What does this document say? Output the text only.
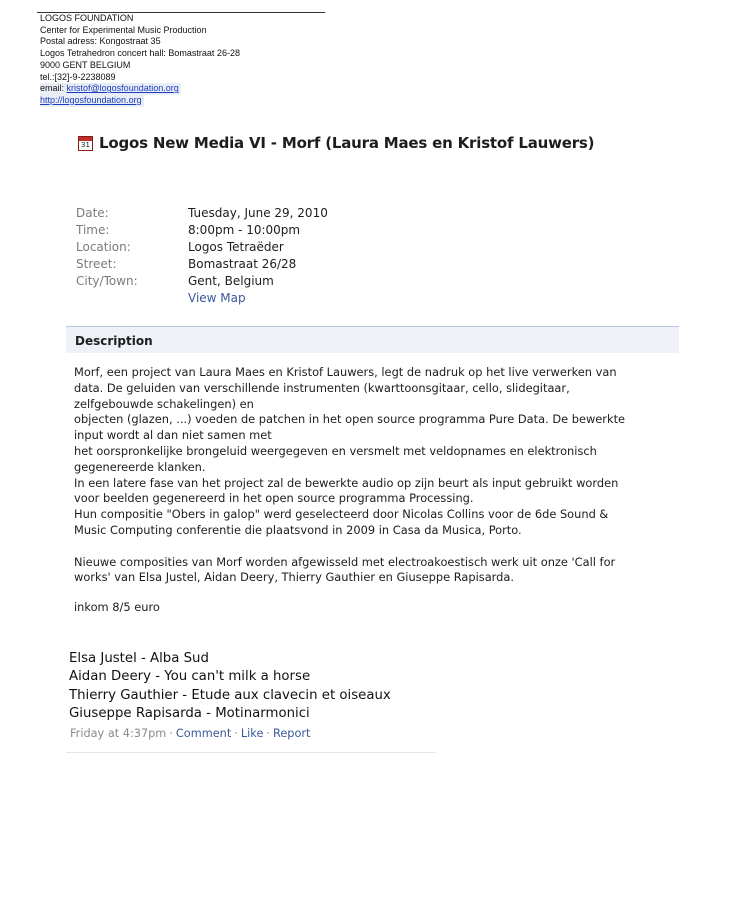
LOGOS FOUNDATION
Center for Experimental Music Production
Postal adress: Kongostraat 35
Logos Tetrahedron concert hall: Bomastraat 26-28
9000 GENT BELGIUM
tel.:[32]-9-2238089
email: kristof@logosfoundation.org
http://logosfoundation.org
31 Logos New Media VI - Morf (Laura Maes en Kristof Lauwers)
Date:	Tuesday, June 29, 2010
Time:	8:00pm - 10:00pm
Location:	Logos Tetraëder
Street:	Bomastraat 26/28
City/Town:	Gent, Belgium
View Map
Description
Morf, een project van Laura Maes en Kristof Lauwers, legt de nadruk op het live verwerken van
data. De geluiden van verschillende instrumenten (kwarttoonsgitaar, cello, slidegitaar,
zelfgebouwde schakelingen) en
objecten (glazen, ...) voeden de patchen in het open source programma Pure Data. De bewerkte
input wordt al dan niet samen met
het oorspronkelijke brongeluid weergegeven en versmelt met veldopnames en elektronisch
gegenereerde klanken.
In een latere fase van het project zal de bewerkte audio op zijn beurt als input gebruikt worden
voor beelden gegenereerd in het open source programma Processing.
Hun compositie "Obers in galop" werd geselecteerd door Nicolas Collins voor de 6de Sound &
Music Computing conferentie die plaatsvond in 2009 in Casa da Musica, Porto.
Nieuwe composities van Morf worden afgewisseld met electroakoestisch werk uit onze 'Call for
works' van Elsa Justel, Aidan Deery, Thierry Gauthier en Giuseppe Rapisarda.
inkom 8/5 euro
Elsa Justel - Alba Sud
Aidan Deery - You can't milk a horse
Thierry Gauthier - Etude aux clavecin et oiseaux
Giuseppe Rapisarda - Motinarmonici
Friday at 4:37pm · Comment · Like · Report
